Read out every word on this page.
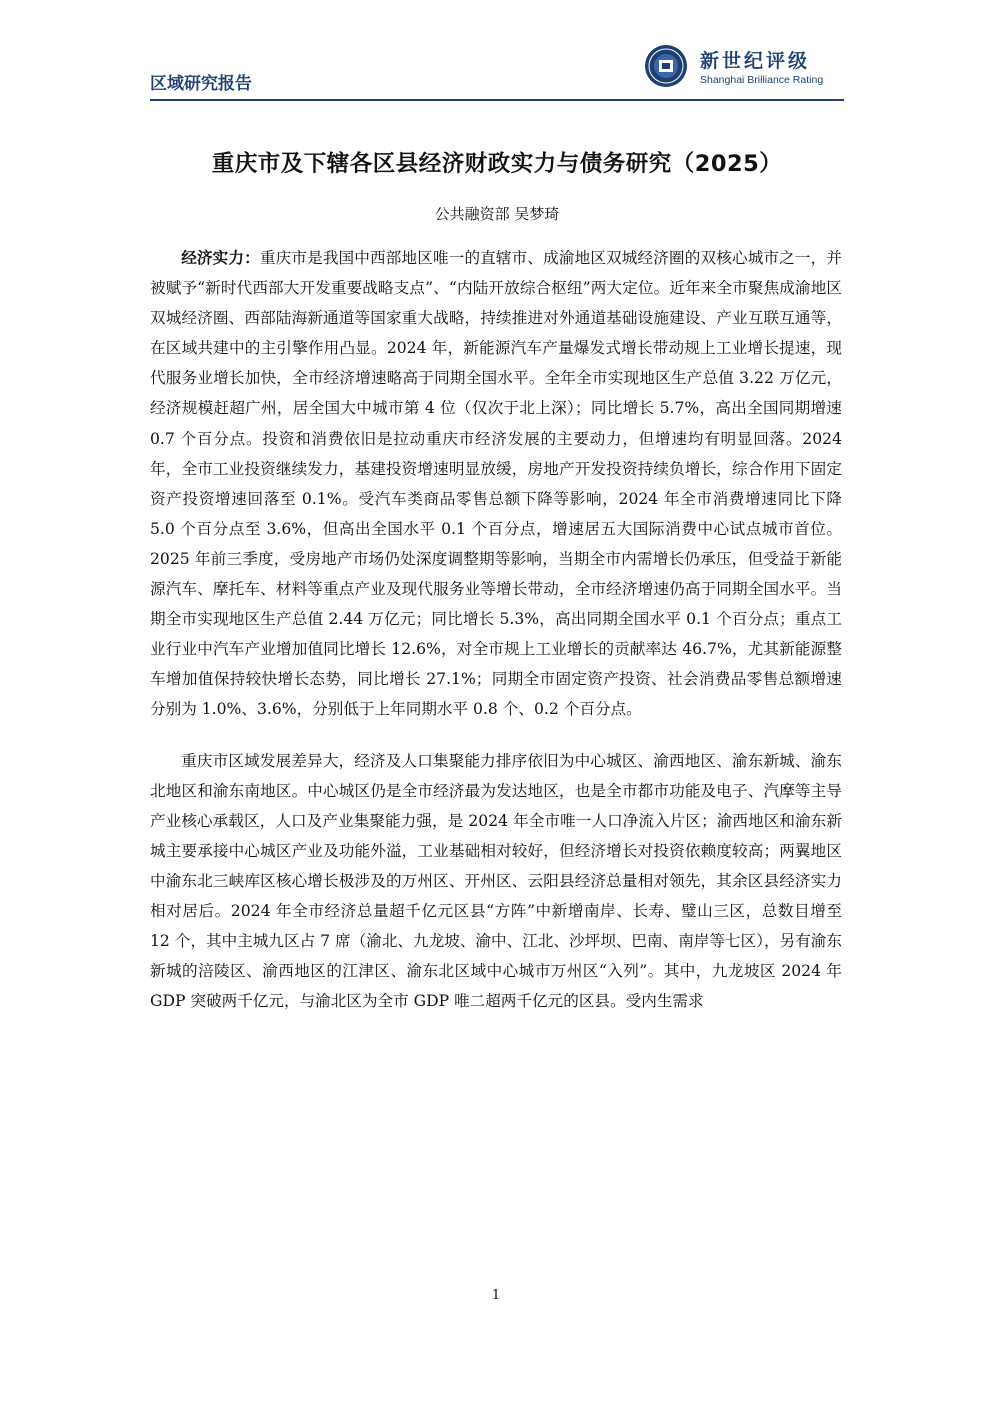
区域研究报告
新世纪评级
Shanghai Brilliance Rating
重庆市及下辖各区县经济财政实力与债务研究（2025）
公共融资部 吴梦琦

经济实力：重庆市是我国中西部地区唯一的直辖市、成渝地区双城经济圈的双核心城市之一，并被赋予“新时代西部大开发重要战略支点”、“内陆开放综合枢纽”两大定位。近年来全市聚焦成渝地区双城经济圈、西部陆海新通道等国家重大战略，持续推进对外通道基础设施建设、产业互联互通等，在区域共建中的主引擎作用凸显。2024 年，新能源汽车产量爆发式增长带动规上工业增长提速，现代服务业增长加快，全市经济增速略高于同期全国水平。全年全市实现地区生产总值 3.22 万亿元，经济规模赶超广州，居全国大中城市第 4 位（仅次于北上深）；同比增长 5.7%，高出全国同期增速 0.7 个百分点。投资和消费依旧是拉动重庆市经济发展的主要动力，但增速均有明显回落。2024 年，全市工业投资继续发力，基建投资增速明显放缓，房地产开发投资持续负增长，综合作用下固定资产投资增速回落至 0.1%。受汽车类商品零售总额下降等影响，2024 年全市消费增速同比下降 5.0 个百分点至 3.6%，但高出全国水平 0.1 个百分点，增速居五大国际消费中心试点城市首位。2025 年前三季度，受房地产市场仍处深度调整期等影响，当期全市内需增长仍承压，但受益于新能源汽车、摩托车、材料等重点产业及现代服务业等增长带动，全市经济增速仍高于同期全国水平。当期全市实现地区生产总值 2.44 万亿元；同比增长 5.3%，高出同期全国水平 0.1 个百分点；重点工业行业中汽车产业增加值同比增长 12.6%，对全市规上工业增长的贡献率达 46.7%，尤其新能源整车增加值保持较快增长态势，同比增长 27.1%；同期全市固定资产投资、社会消费品零售总额增速分别为 1.0%、3.6%，分别低于上年同期水平 0.8 个、0.2 个百分点。

重庆市区域发展差异大，经济及人口集聚能力排序依旧为中心城区、渝西地区、渝东新城、渝东北地区和渝东南地区。中心城区仍是全市经济最为发达地区，也是全市都市功能及电子、汽摩等主导产业核心承载区，人口及产业集聚能力强，是 2024 年全市唯一人口净流入片区；渝西地区和渝东新城主要承接中心城区产业及功能外溢，工业基础相对较好，但经济增长对投资依赖度较高；两翼地区中渝东北三峡库区核心增长极涉及的万州区、开州区、云阳县经济总量相对领先，其余区县经济实力相对居后。2024 年全市经济总量超千亿元区县“方阵”中新增南岸、长寿、璧山三区，总数目增至 12 个，其中主城九区占 7 席（渝北、九龙坡、渝中、江北、沙坪坝、巴南、南岸等七区），另有渝东新城的涪陵区、渝西地区的江津区、渝东北区域中心城市万州区“入列”。其中，九龙坡区 2024 年 GDP 突破两千亿元，与渝北区为全市 GDP 唯二超两千亿元的区县。受内生需求

1
